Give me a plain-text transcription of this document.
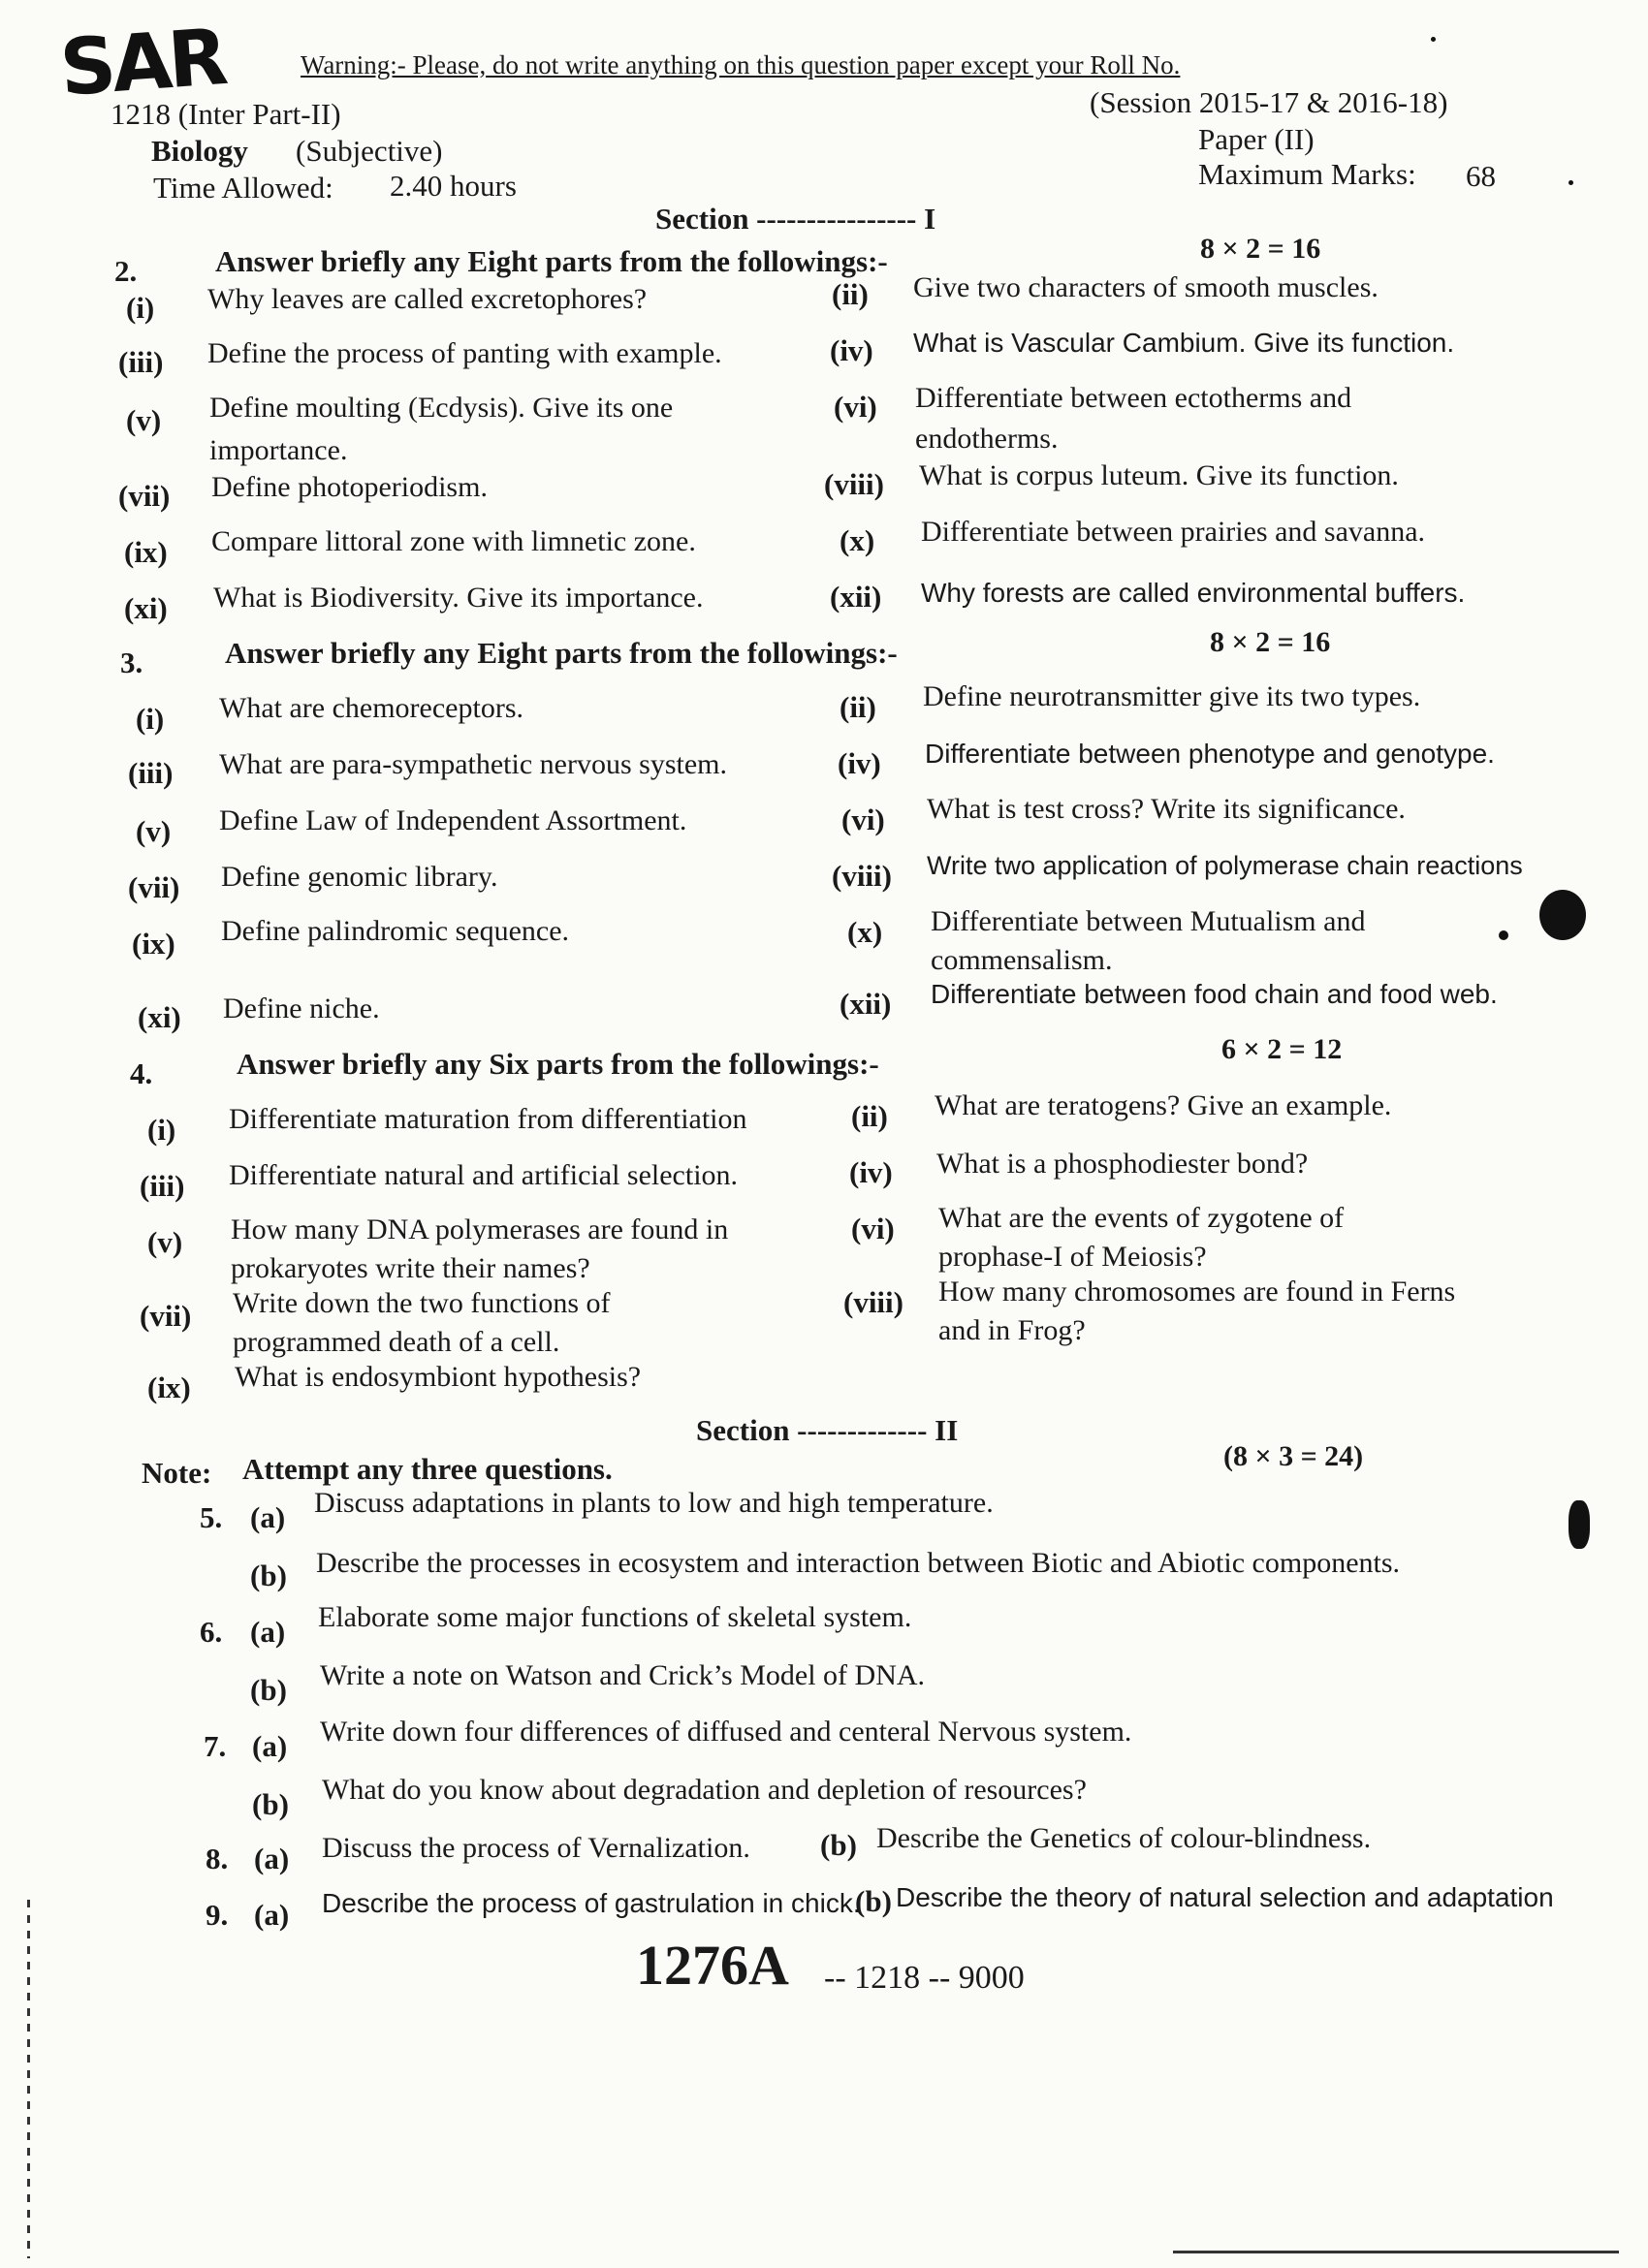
SAR	Warning:- Please, do not write anything on this question paper except your Roll No.
1218 (Inter Part-II)
Biology (Subjective)
Time Allowed: 2.40 hours
(Session 2015-17 & 2016-18)
Paper (II)
Maximum Marks: 68
Section ---------------- I
2.	Answer briefly any Eight parts from the followings:-	8 × 2 = 16
(i) Why leaves are called excretophores?	(ii) Give two characters of smooth muscles.
(iii) Define the process of panting with example.	(iv) What is Vascular Cambium. Give its function.
(v) Define moulting (Ecdysis). Give its one
importance.
(vi) Differentiate between ectotherms and
endotherms.
(vii) Define photoperiodism.	(viii) What is corpus luteum. Give its function.
(ix) Compare littoral zone with limnetic zone.	(x) Differentiate between prairies and savanna.
(xi) What is Biodiversity. Give its importance.	(xii) Why forests are called environmental buffers.
3.	Answer briefly any Eight parts from the followings:-	8 × 2 = 16
(i) What are chemoreceptors.	(ii) Define neurotransmitter give its two types.
(iii) What are para-sympathetic nervous system.	(iv) Differentiate between phenotype and genotype.
(v) Define Law of Independent Assortment.	(vi) What is test cross? Write its significance.
(vii) Define genomic library.	(viii) Write two application of polymerase chain reactions
(ix) Define palindromic sequence.	(x) Differentiate between Mutualism and
commensalism.
(xi) Define niche.	(xii) Differentiate between food chain and food web.
4.	Answer briefly any Six parts from the followings:-	6 × 2 = 12
(i) Differentiate maturation from differentiation	(ii) What are teratogens? Give an example.
(iii) Differentiate natural and artificial selection.	(iv) What is a phosphodiester bond?
(v) How many DNA polymerases are found in
prokaryotes write their names?
(vi) What are the events of zygotene of
prophase-I of Meiosis?
(vii) Write down the two functions of
programmed death of a cell.
(viii) How many chromosomes are found in Ferns
and in Frog?
(ix) What is endosymbiont hypothesis?
Section ------------- II
Note: Attempt any three questions.	(8 × 3 = 24)
5. (a) Discuss adaptations in plants to low and high temperature.
(b) Describe the processes in ecosystem and interaction between Biotic and Abiotic components.
6. (a) Elaborate some major functions of skeletal system.
(b) Write a note on Watson and Crick’s Model of DNA.
7. (a) Write down four differences of diffused and centeral Nervous system.
(b) What do you know about degradation and depletion of resources?
8. (a) Discuss the process of Vernalization. (b) Describe the Genetics of colour-blindness.
9. (a) Describe the process of gastrulation in chick.
(b) Describe the theory of natural selection and adaptation
1276A -- 1218 -- 9000
